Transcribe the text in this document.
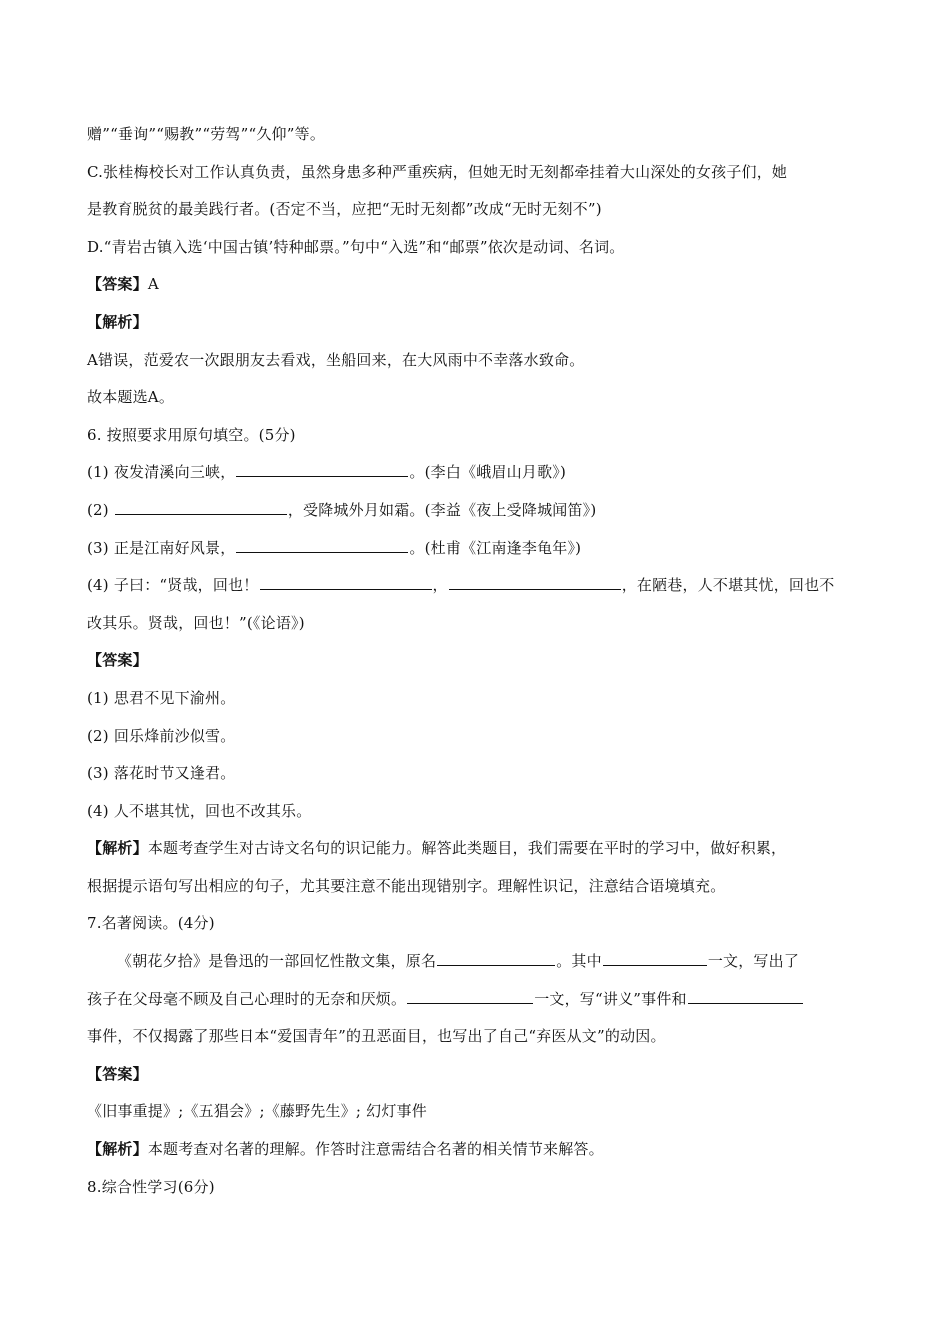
赠”“垂询”“赐教”“劳驾”“久仰”等。
C.张桂梅校长对工作认真负责，虽然身患多种严重疾病，但她无时无刻都牵挂着大山深处的女孩子们，她
是教育脱贫的最美践行者。(否定不当，应把“无时无刻都”改成“无时无刻不”)
D.“青岩古镇入选‘中国古镇’特种邮票。”句中“入选”和“邮票”依次是动词、名词。
【答案】A
【解析】
A错误，范爱农一次跟朋友去看戏，坐船回来，在大风雨中不幸落水致命。
故本题选A。
6. 按照要求用原句填空。(5分)
(1) 夜发清溪向三峡，	。(李白《峨眉山月歌》)
(2)	，受降城外月如霜。(李益《夜上受降城闻笛》)
(3) 正是江南好风景，	。(杜甫《江南逢李龟年》)
(4) 子曰：“贤哉，回也！	，	，在陋巷，人不堪其忧，回也不
改其乐。贤哉，回也！”(《论语》)
【答案】
(1) 思君不见下渝州。
(2) 回乐烽前沙似雪。
(3) 落花时节又逢君。
(4) 人不堪其忧，回也不改其乐。
【解析】本题考查学生对古诗文名句的识记能力。解答此类题目，我们需要在平时的学习中，做好积累，
根据提示语句写出相应的句子，尤其要注意不能出现错别字。理解性识记，注意结合语境填充。
7.名著阅读。(4分)
《朝花夕拾》是鲁迅的一部回忆性散文集，原名	。其中	一文，写出了
孩子在父母毫不顾及自己心理时的无奈和厌烦。	一文，写“讲义”事件和
事件，不仅揭露了那些日本“爱国青年”的丑恶面目，也写出了自己“弃医从文”的动因。
【答案】
《旧事重提》;《五猖会》;《藤野先生》; 幻灯事件
【解析】本题考查对名著的理解。作答时注意需结合名著的相关情节来解答。
8.综合性学习(6分)
